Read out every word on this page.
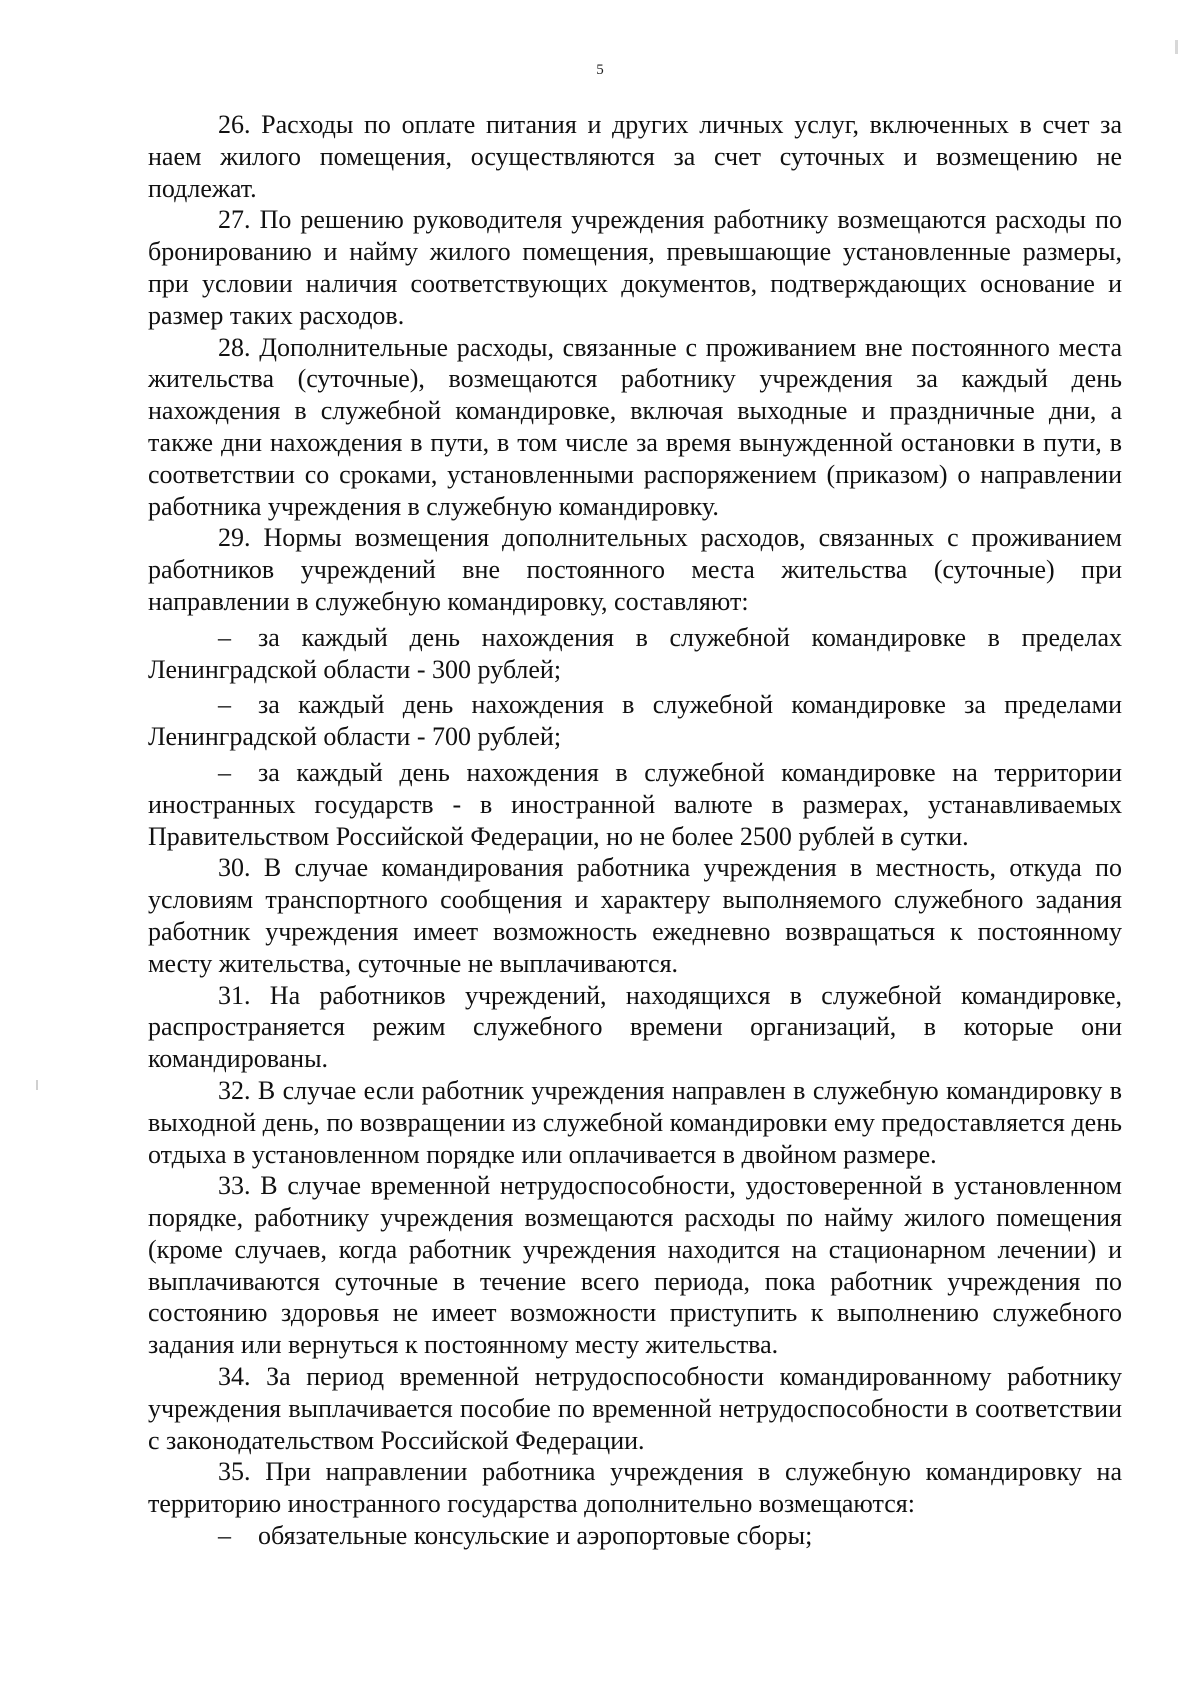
5

26. Расходы по оплате питания и других личных услуг, включенных в счет за наем жилого помещения, осуществляются за счет суточных и возмещению не подлежат.

27. По решению руководителя учреждения работнику возмещаются расходы по бронированию и найму жилого помещения, превышающие установленные размеры, при условии наличия соответствующих документов, подтверждающих основание и размер таких расходов.

28. Дополнительные расходы, связанные с проживанием вне постоянного места жительства (суточные), возмещаются работнику учреждения за каждый день нахождения в служебной командировке, включая выходные и праздничные дни, а также дни нахождения в пути, в том числе за время вынужденной остановки в пути, в соответствии со сроками, установленными распоряжением (приказом) о направлении работника учреждения в служебную командировку.

29. Нормы возмещения дополнительных расходов, связанных с проживанием работников учреждений вне постоянного места жительства (суточные) при направлении в служебную командировку, составляют:

– за каждый день нахождения в служебной командировке в пределах Ленинградской области - 300 рублей;

– за каждый день нахождения в служебной командировке за пределами Ленинградской области - 700 рублей;

– за каждый день нахождения в служебной командировке на территории иностранных государств - в иностранной валюте в размерах, устанавливаемых Правительством Российской Федерации, но не более 2500 рублей в сутки.

30. В случае командирования работника учреждения в местность, откуда по условиям транспортного сообщения и характеру выполняемого служебного задания работник учреждения имеет возможность ежедневно возвращаться к постоянному месту жительства, суточные не выплачиваются.

31. На работников учреждений, находящихся в служебной командировке, распространяется режим служебного времени организаций, в которые они командированы.

32. В случае если работник учреждения направлен в служебную командировку в выходной день, по возвращении из служебной командировки ему предоставляется день отдыха в установленном порядке или оплачивается в двойном размере.

33. В случае временной нетрудоспособности, удостоверенной в установленном порядке, работнику учреждения возмещаются расходы по найму жилого помещения (кроме случаев, когда работник учреждения находится на стационарном лечении) и выплачиваются суточные в течение всего периода, пока работник учреждения по состоянию здоровья не имеет возможности приступить к выполнению служебного задания или вернуться к постоянному месту жительства.

34. За период временной нетрудоспособности командированному работнику учреждения выплачивается пособие по временной нетрудоспособности в соответствии с законодательством Российской Федерации.

35. При направлении работника учреждения в служебную командировку на территорию иностранного государства дополнительно возмещаются:

– обязательные консульские и аэропортовые сборы;
